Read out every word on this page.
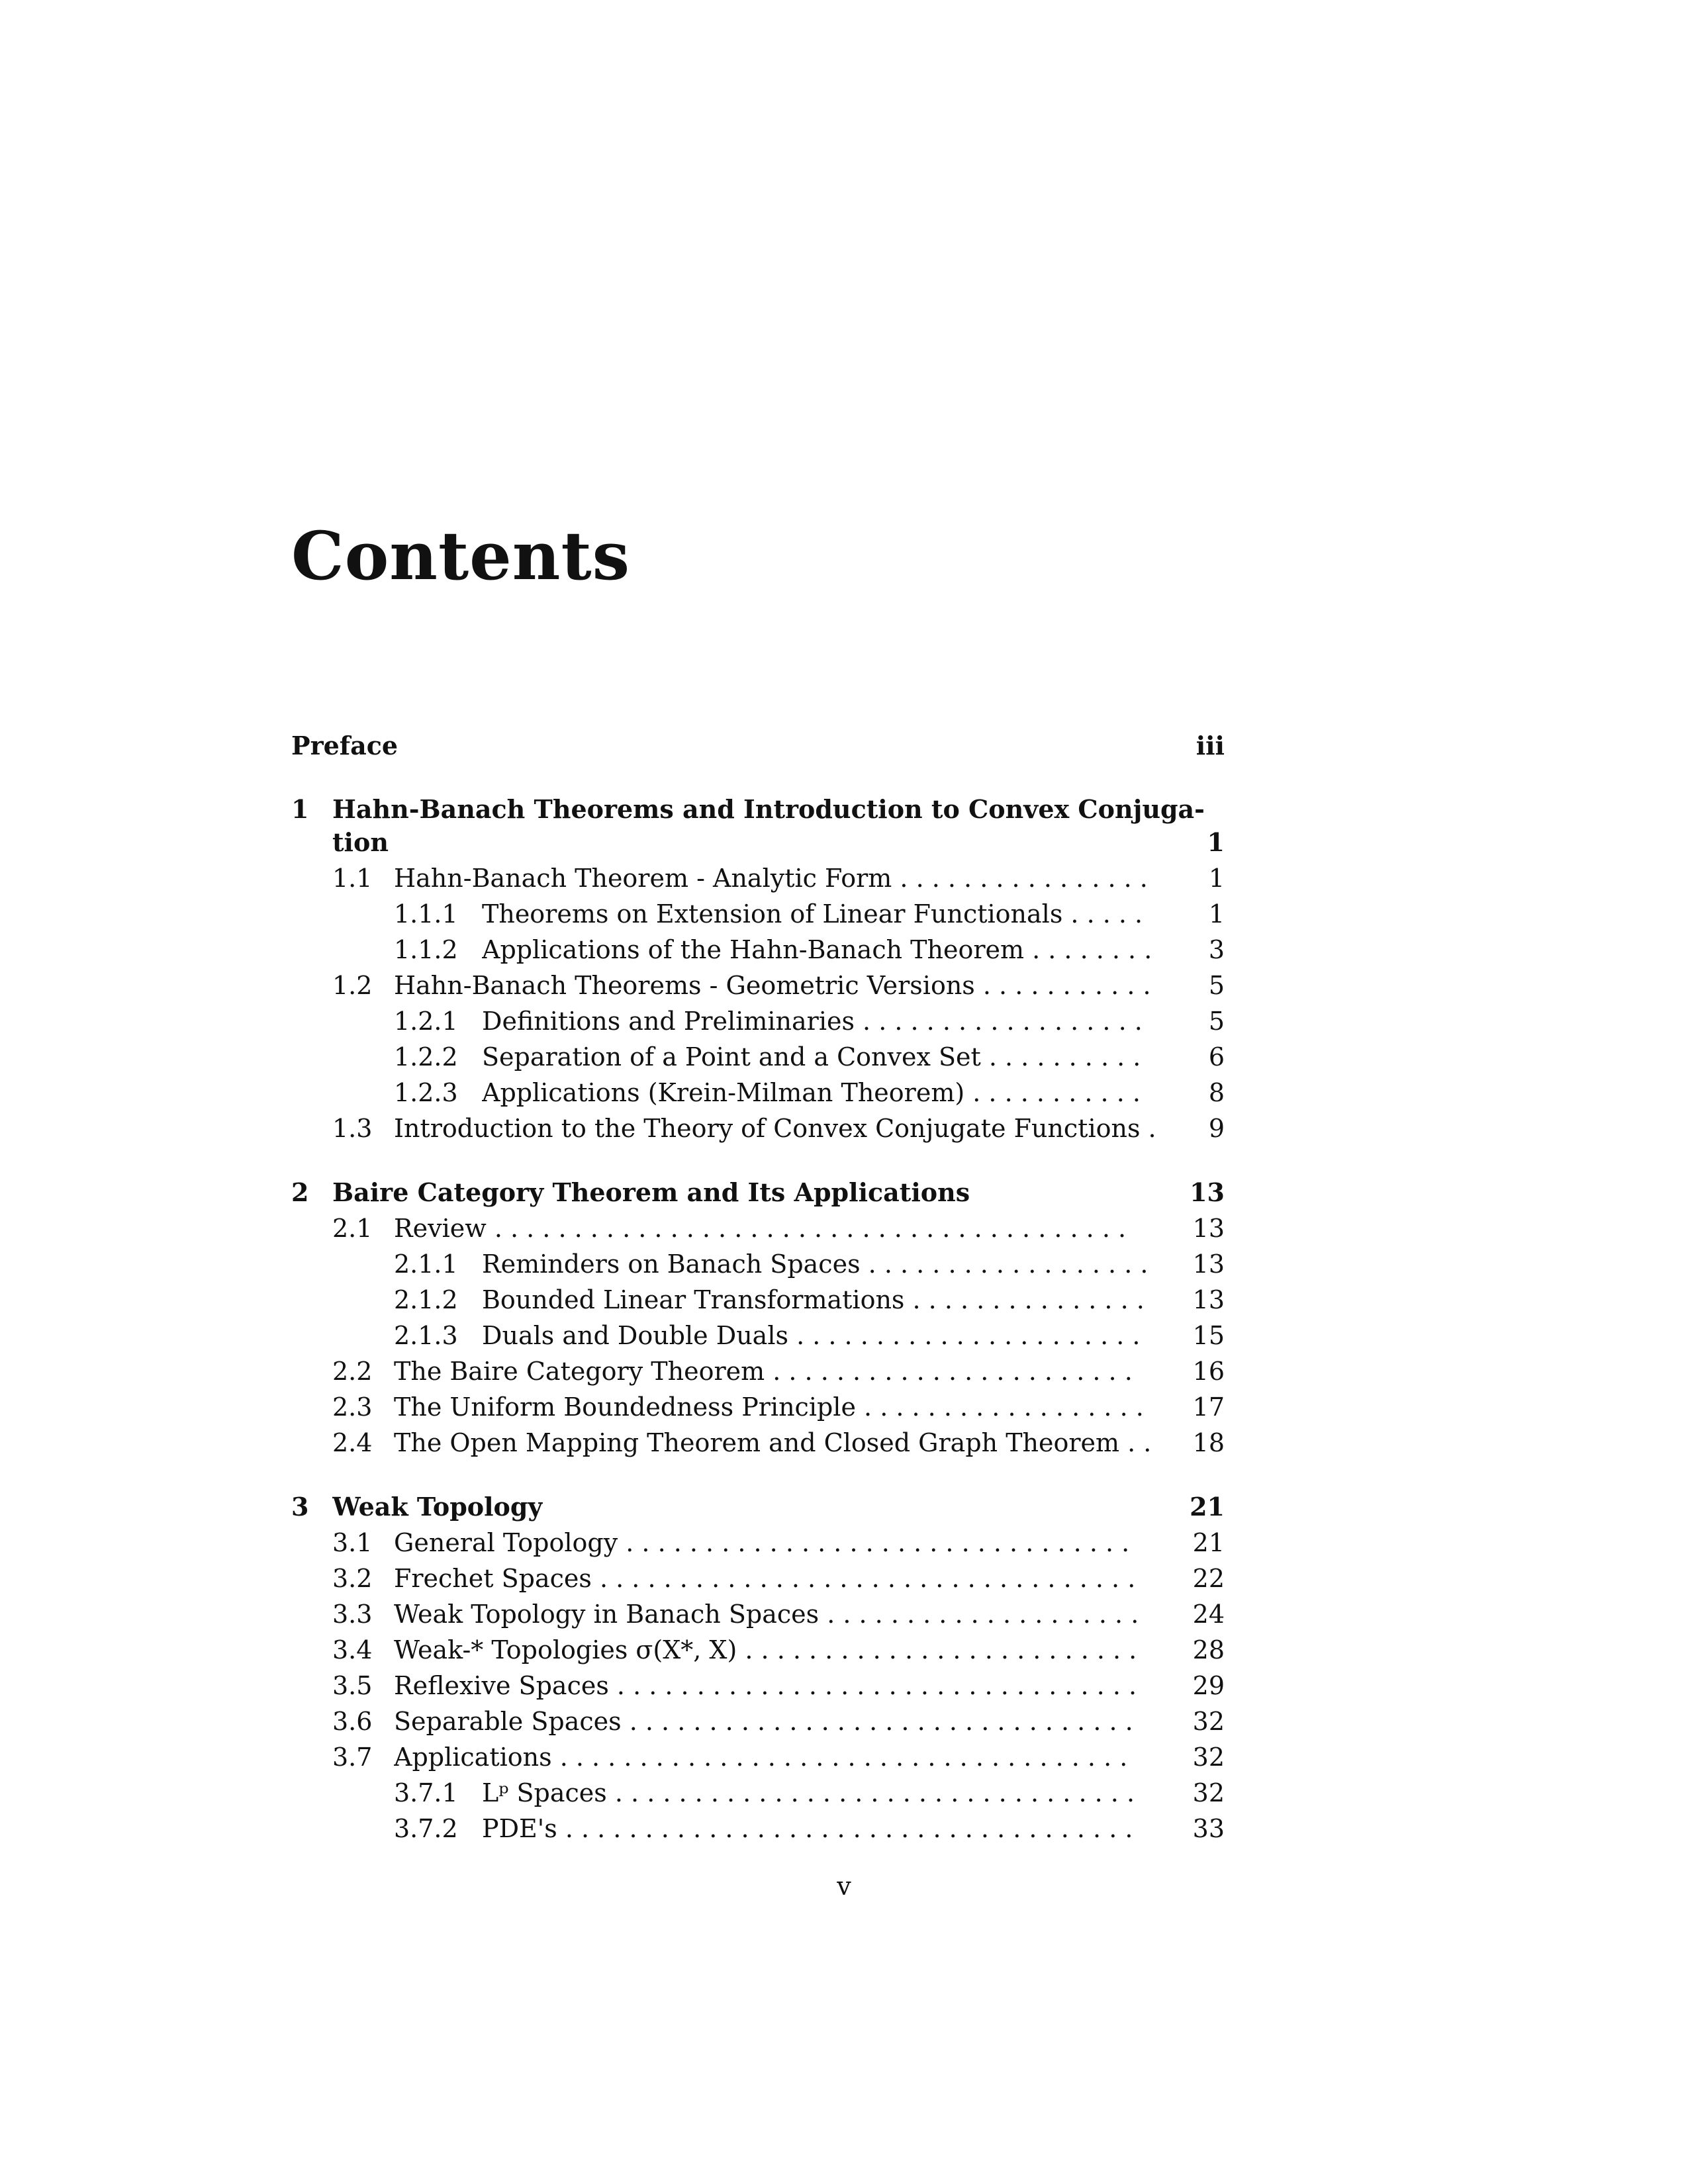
Contents
Preface	iii
1 Hahn-Banach Theorems and Introduction to Convex Conjuga-
tion	1
1.1 Hahn-Banach Theorem - Analytic Form . . . . . . . . . . . . . . . .	1
1.1.1 Theorems on Extension of Linear Functionals . . . . .	1
1.1.2 Applications of the Hahn-Banach Theorem . . . . . . . .	3
1.2 Hahn-Banach Theorems - Geometric Versions . . . . . . . . . . .	5
1.2.1 Definitions and Preliminaries . . . . . . . . . . . . . . . . . .	5
1.2.2 Separation of a Point and a Convex Set . . . . . . . . . .	6
1.2.3 Applications (Krein-Milman Theorem) . . . . . . . . . . .	8
1.3 Introduction to the Theory of Convex Conjugate Functions .	9
2 Baire Category Theorem and Its Applications	13
2.1 Review . . . . . . . . . . . . . . . . . . . . . . . . . . . . . . . . . . . . . . . .	13
2.1.1 Reminders on Banach Spaces . . . . . . . . . . . . . . . . . .	13
2.1.2 Bounded Linear Transformations . . . . . . . . . . . . . . .	13
2.1.3 Duals and Double Duals . . . . . . . . . . . . . . . . . . . . . .	15
2.2 The Baire Category Theorem . . . . . . . . . . . . . . . . . . . . . . .	16
2.3 The Uniform Boundedness Principle . . . . . . . . . . . . . . . . . .	17
2.4 The Open Mapping Theorem and Closed Graph Theorem . .	18
3 Weak Topology	21
3.1 General Topology . . . . . . . . . . . . . . . . . . . . . . . . . . . . . . . .	21
3.2 Frechet Spaces . . . . . . . . . . . . . . . . . . . . . . . . . . . . . . . . . .	22
3.3 Weak Topology in Banach Spaces . . . . . . . . . . . . . . . . . . . .	24
3.4 Weak-* Topologies σ(X*, X) . . . . . . . . . . . . . . . . . . . . . . . . .	28
3.5 Reflexive Spaces . . . . . . . . . . . . . . . . . . . . . . . . . . . . . . . . .	29
3.6 Separable Spaces . . . . . . . . . . . . . . . . . . . . . . . . . . . . . . . .	32
3.7 Applications . . . . . . . . . . . . . . . . . . . . . . . . . . . . . . . . . . . .	32
3.7.1 Lᵖ Spaces . . . . . . . . . . . . . . . . . . . . . . . . . . . . . . . . .	32
3.7.2 PDE's . . . . . . . . . . . . . . . . . . . . . . . . . . . . . . . . . . . .	33
v
